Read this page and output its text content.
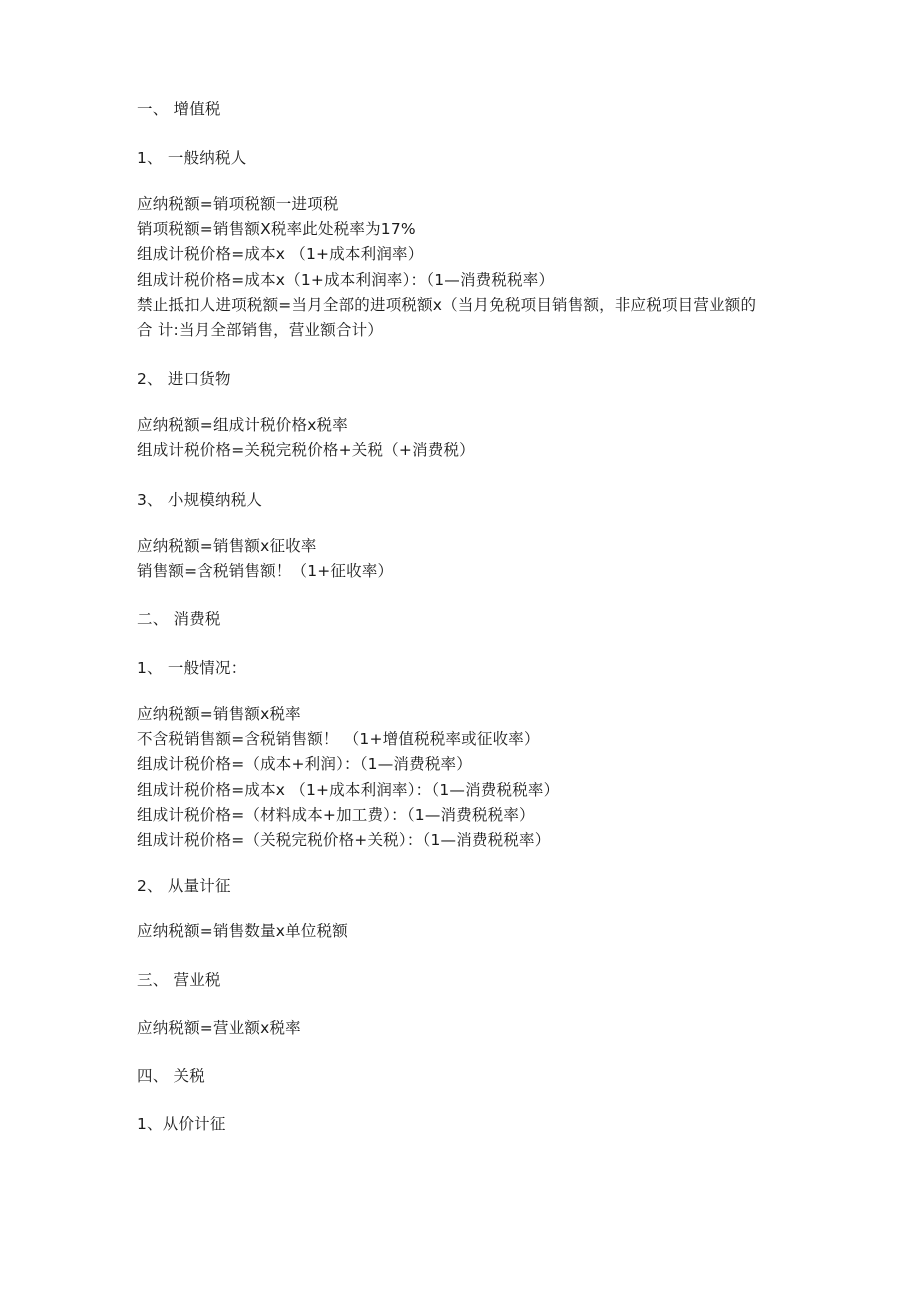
一、 增值税

1、 一般纳税人

应纳税额=销项税额一进项税

销项税额=销售额X税率此处税率为17%

组成计税价格=成本x （1+成本利润率）

组成计税价格=成本x（1+成本利润率）：（1—消费税税率）

禁止抵扣人进项税额=当月全部的进项税额x（当月免税项目销售额，非应税项目营业额的

合 计:当月全部销售，营业额合计）

2、 进口货物

应纳税额=组成计税价格x税率

组成计税价格=关税完税价格+关税（+消费税）

3、 小规模纳税人

应纳税额=销售额x征收率

销售额=含税销售额！（1+征收率）

二、 消费税

1、 一般情况：

应纳税额=销售额x税率

不含税销售额=含税销售额！ （1+增值税税率或征收率）

组成计税价格=（成本+利润）：（1—消费税率）

组成计税价格=成本x （1+成本利润率）：（1—消费税税率）

组成计税价格=（材料成本+加工费）：（1—消费税税率）

组成计税价格=（关税完税价格+关税）：（1—消费税税率）

2、 从量计征

应纳税额=销售数量x单位税额

三、 营业税

应纳税额=营业额x税率

四、 关税

1、从价计征
